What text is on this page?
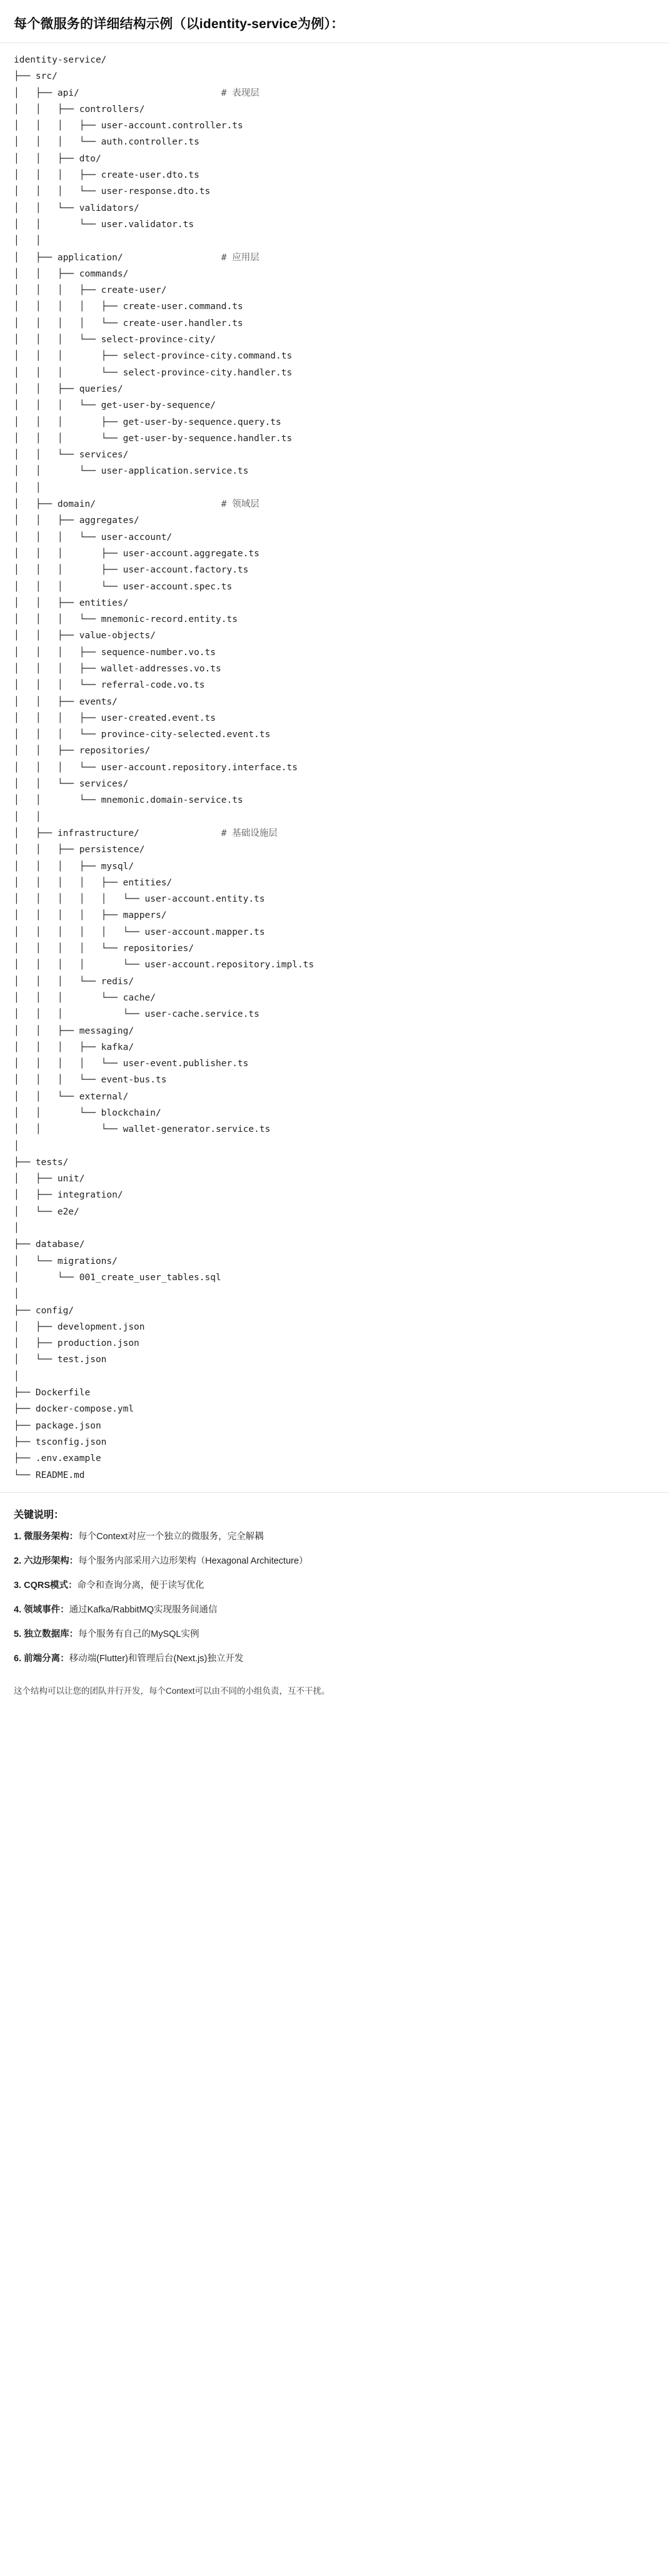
每个微服务的详细结构示例（以identity-service为例）：
identity-service/
├── src/
│   ├── api/                          # 表现层
│   │   ├── controllers/
│   │   │   ├── user-account.controller.ts
│   │   │   └── auth.controller.ts
│   │   ├── dto/
│   │   │   ├── create-user.dto.ts
│   │   │   └── user-response.dto.ts
│   │   └── validators/
│   │       └── user.validator.ts
│   │
│   ├── application/                  # 应用层
│   │   ├── commands/
│   │   │   ├── create-user/
│   │   │   │   ├── create-user.command.ts
│   │   │   │   └── create-user.handler.ts
│   │   │   └── select-province-city/
│   │   │       ├── select-province-city.command.ts
│   │   │       └── select-province-city.handler.ts
│   │   ├── queries/
│   │   │   └── get-user-by-sequence/
│   │   │       ├── get-user-by-sequence.query.ts
│   │   │       └── get-user-by-sequence.handler.ts
│   │   └── services/
│   │       └── user-application.service.ts
│   │
│   ├── domain/                       # 领域层
│   │   ├── aggregates/
│   │   │   └── user-account/
│   │   │       ├── user-account.aggregate.ts
│   │   │       ├── user-account.factory.ts
│   │   │       └── user-account.spec.ts
│   │   ├── entities/
│   │   │   └── mnemonic-record.entity.ts
│   │   ├── value-objects/
│   │   │   ├── sequence-number.vo.ts
│   │   │   ├── wallet-addresses.vo.ts
│   │   │   └── referral-code.vo.ts
│   │   ├── events/
│   │   │   ├── user-created.event.ts
│   │   │   └── province-city-selected.event.ts
│   │   ├── repositories/
│   │   │   └── user-account.repository.interface.ts
│   │   └── services/
│   │       └── mnemonic.domain-service.ts
│   │
│   ├── infrastructure/               # 基础设施层
│   │   ├── persistence/
│   │   │   ├── mysql/
│   │   │   │   ├── entities/
│   │   │   │   │   └── user-account.entity.ts
│   │   │   │   ├── mappers/
│   │   │   │   │   └── user-account.mapper.ts
│   │   │   │   └── repositories/
│   │   │   │       └── user-account.repository.impl.ts
│   │   │   └── redis/
│   │   │       └── cache/
│   │   │           └── user-cache.service.ts
│   │   ├── messaging/
│   │   │   ├── kafka/
│   │   │   │   └── user-event.publisher.ts
│   │   │   └── event-bus.ts
│   │   └── external/
│   │       └── blockchain/
│   │           └── wallet-generator.service.ts
│
├── tests/
│   ├── unit/
│   ├── integration/
│   └── e2e/
│
├── database/
│   └── migrations/
│       └── 001_create_user_tables.sql
│
├── config/
│   ├── development.json
│   ├── production.json
│   └── test.json
│
├── Dockerfile
├── docker-compose.yml
├── package.json
├── tsconfig.json
├── .env.example
└── README.md
关键说明：
1. 微服务架构：每个Context对应一个独立的微服务，完全解耦
2. 六边形架构：每个服务内部采用六边形架构（Hexagonal Architecture）
3. CQRS模式：命令和查询分离，便于读写优化
4. 领域事件：通过Kafka/RabbitMQ实现服务间通信
5. 独立数据库：每个服务有自己的MySQL实例
6. 前端分离：移动端(Flutter)和管理后台(Next.js)独立开发
这个结构可以让您的团队并行开发，每个Context可以由不同的小组负责，互不干扰。
